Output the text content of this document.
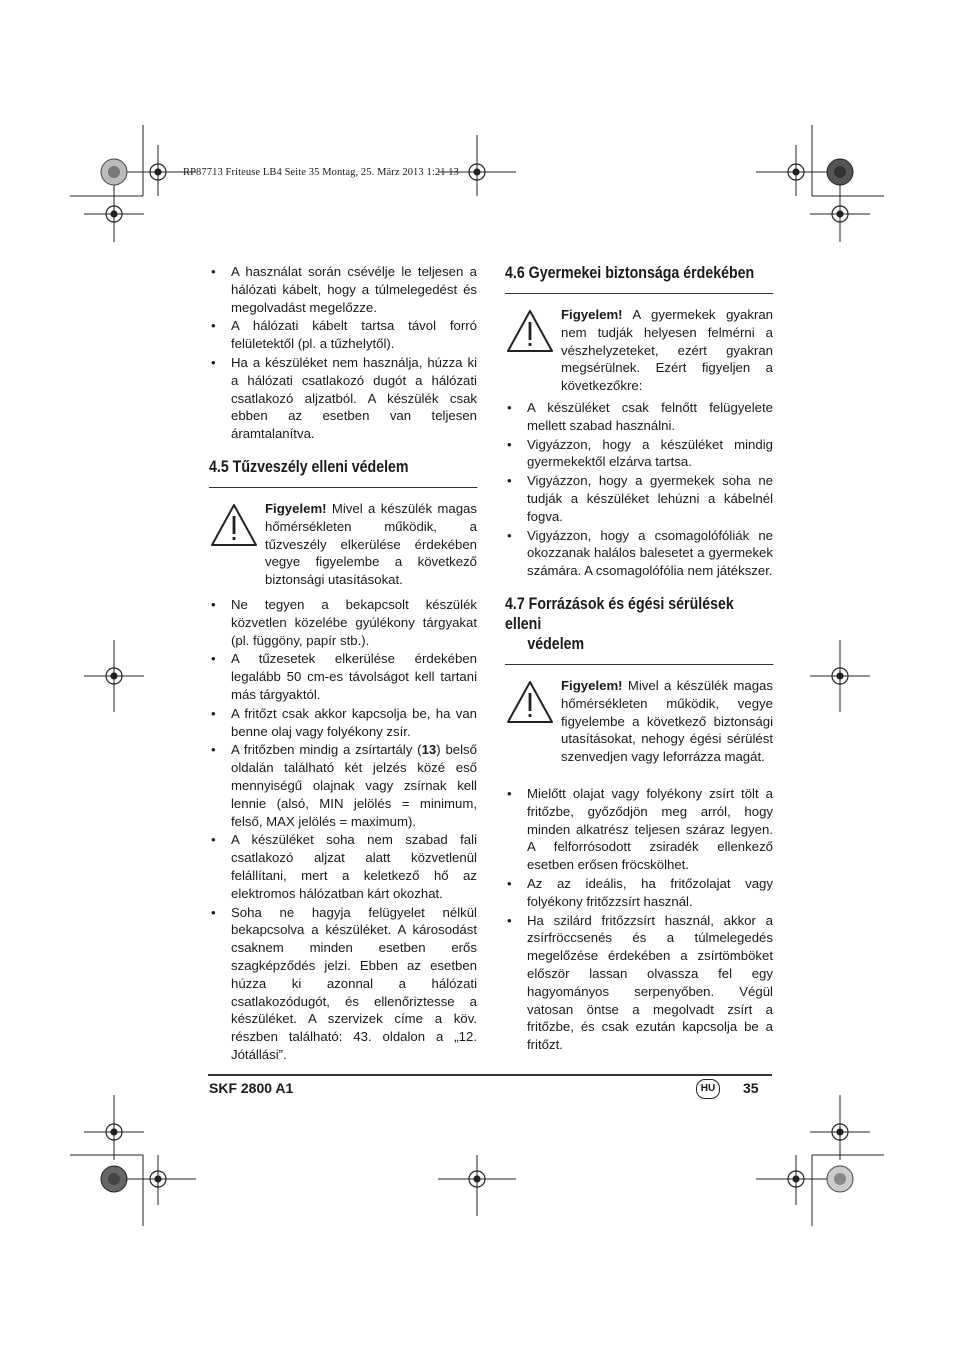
RP87713 Friteuse LB4 Seite 35 Montag, 25. März 2013 1:21 13
• A használat során csévélje le teljesen a hálózati kábelt, hogy a túlmelegedést és megolvadást megelőzze.
• A hálózati kábelt tartsa távol forró felületektől (pl. a tűzhelytől).
• Ha a készüléket nem használja, húzza ki a hálózati csatlakozó dugót a hálózati csatlakozó aljzatból. A készülék csak ebben az esetben van teljesen áramtalanítva.
4.5 Tűzveszély elleni védelem

Figyelem! Mivel a készülék magas hőmérsékleten működik, a tűzveszély elkerülése érdekében vegye figyelembe a következő biztonsági utasításokat.

• Ne tegyen a bekapcsolt készülék közvetlen közelébe gyúlékony tárgyakat (pl. függöny, papír stb.).
• A tűzesetek elkerülése érdekében legalább 50 cm-es távolságot kell tartani más tárgyaktól.
• A fritőzt csak akkor kapcsolja be, ha van benne olaj vagy folyékony zsír.
• A fritőzben mindig a zsírtartály (13) belső oldalán található két jelzés közé eső mennyiségű olajnak vagy zsírnak kell lennie (alsó, MIN jelölés = minimum, felső, MAX jelölés = maximum).
• A készüléket soha nem szabad fali csatlakozó aljzat alatt közvetlenül felállítani, mert a keletkező hő az elektromos hálózatban kárt okozhat.
• Soha ne hagyja felügyelet nélkül bekapcsolva a készüléket. A károsodást csaknem minden esetben erős szagképződés jelzi. Ebben az esetben húzza ki azonnal a hálózati csatlakozódugót, és ellenőriztesse a készüléket. A szervizek címe a köv. részben található: 43. oldalon a „12. Jótállási”.
4.6 Gyermekei biztonsága érdekében

Figyelem! A gyermekek gyakran nem tudják helyesen felmérni a vészhelyzeteket, ezért gyakran megsérülnek. Ezért figyeljen a következőkre:

• A készüléket csak felnőtt felügyelete mellett szabad használni.
• Vigyázzon, hogy a készüléket mindig gyermekektől elzárva tartsa.
• Vigyázzon, hogy a gyermekek soha ne tudják a készüléket lehúzni a kábelnél fogva.
• Vigyázzon, hogy a csomagolófóliák ne okozzanak halálos balesetet a gyermekek számára. A csomagolófólia nem játékszer.
4.7 Forrázások és égési sérülések elleni
védelem

Figyelem! Mivel a készülék magas hőmérsékleten működik, vegye figyelembe a következő biztonsági utasításokat, nehogy égési sérülést szenvedjen vagy leforrázza magát.

• Mielőtt olajat vagy folyékony zsírt tölt a fritőzbe, győződjön meg arról, hogy minden alkatrész teljesen száraz legyen. A felforrósodott zsiradék ellenkező esetben erősen fröcskölhet.
• Az az ideális, ha fritőzolajat vagy folyékony fritőzzsírt használ.
• Ha szilárd fritőzzsírt használ, akkor a zsírfröccsenés és a túlmelegedés megelőzése érdekében a zsírtömböket először lassan olvassza fel egy hagyományos serpenyőben. Végül vatosan öntse a megolvadt zsírt a fritőzbe, és csak ezután kapcsolja be a fritőzt.
SKF 2800 A1	HU	35
